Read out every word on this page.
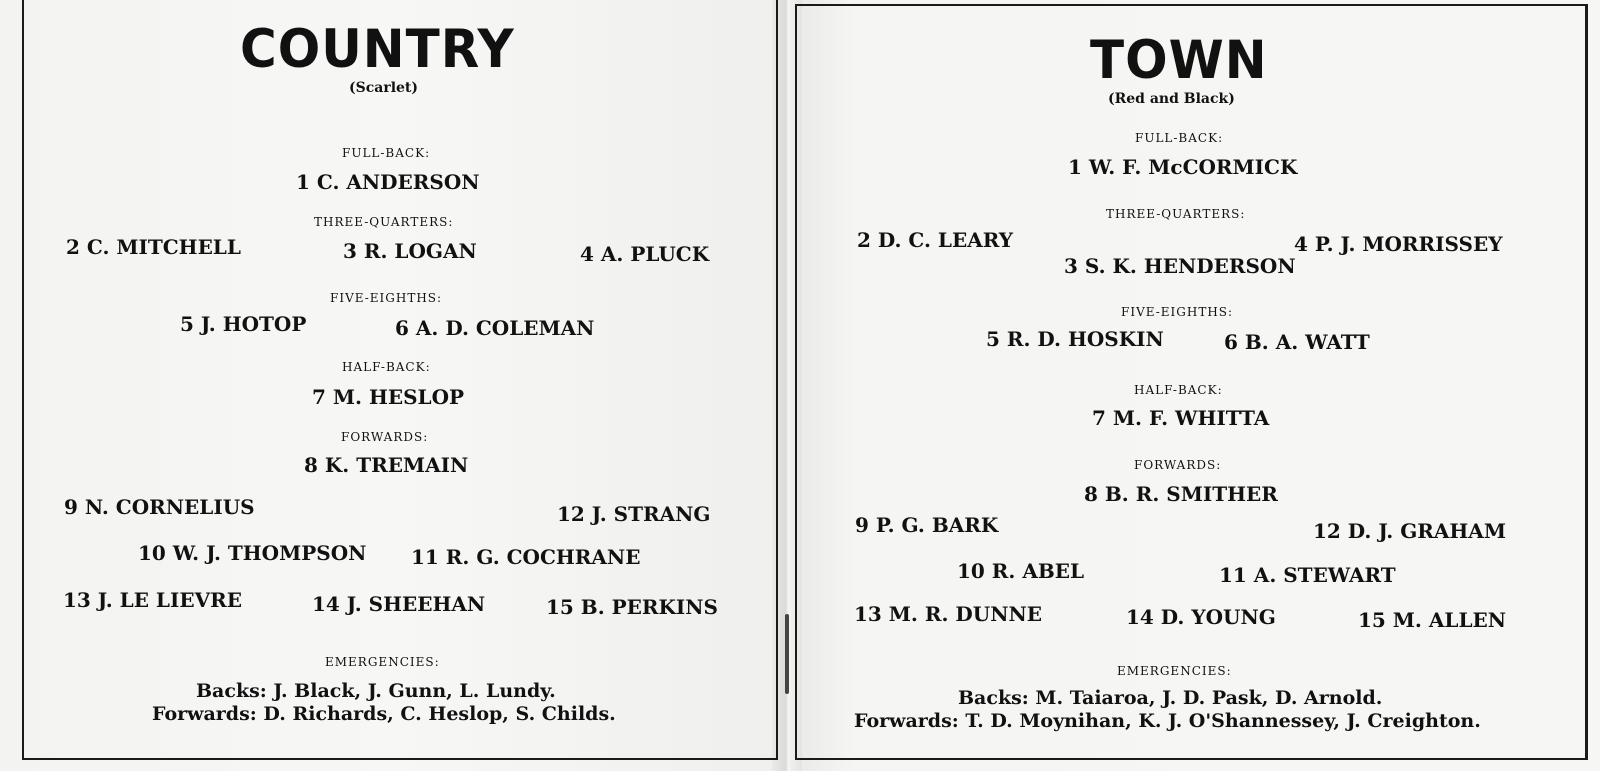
COUNTRY
(Scarlet)
FULL-BACK:
1 C. ANDERSON
THREE-QUARTERS:
2 C. MITCHELL	3 R. LOGAN	4 A. PLUCK
FIVE-EIGHTHS:
5 J. HOTOP	6 A. D. COLEMAN
HALF-BACK:
7 M. HESLOP
FORWARDS:
8 K. TREMAIN
9 N. CORNELIUS	12 J. STRANG
10 W. J. THOMPSON 11 R. G. COCHRANE
13 J. LE LIEVRE	14 J. SHEEHAN	15 B. PERKINS
EMERGENCIES:
Backs: J. Black, J. Gunn, L. Lundy.
Forwards: D. Richards, C. Heslop, S. Childs.
TOWN
(Red and Black)
FULL-BACK:
1 W. F. McCORMICK
THREE-QUARTERS:
2 D. C. LEARY	4 P. J. MORRISSEY
3 S. K. HENDERSON
FIVE-EIGHTHS:
5 R. D. HOSKIN	6 B. A. WATT
HALF-BACK:
7 M. F. WHITTA
FORWARDS:
8 B. R. SMITHER
9 P. G. BARK	12 D. J. GRAHAM
10 R. ABEL	11 A. STEWART
13 M. R. DUNNE	14 D. YOUNG	15 M. ALLEN
EMERGENCIES:
Backs: M. Taiaroa, J. D. Pask, D. Arnold.
Forwards: T. D. Moynihan, K. J. O'Shannessey, J. Creighton.
